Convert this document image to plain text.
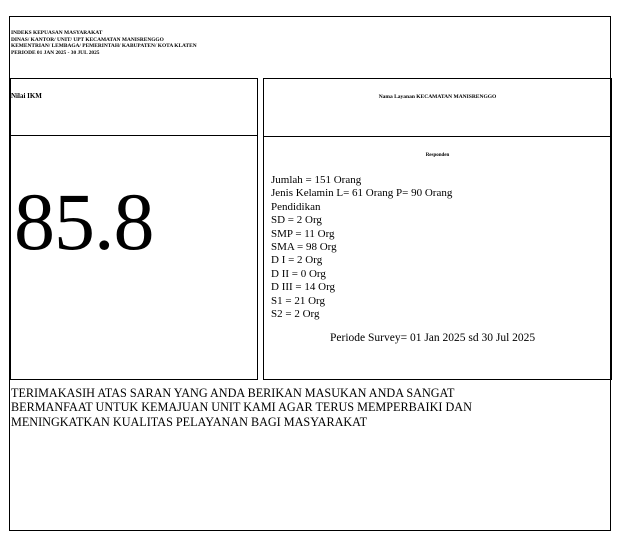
INDEKS KEPUASAN MASYARAKAT
DINAS/ KANTOR/ UNIT/ UPT KECAMATAN MANISRENGGO
KEMENTRIAN/ LEMBAGA/ PEMERINTAH/ KABUPATEN/ KOTA KLATEN
PERIODE 01 JAN 2025 - 30 JUL 2025
Nilai IKM
85.8
Nama Layanan KECAMATAN MANISRENGGO
Responden
Jumlah = 151 Orang
Jenis Kelamin L= 61 Orang P= 90 Orang
Pendidikan
SD = 2 Org
SMP = 11 Org
SMA = 98 Org
D I = 2 Org
D II = 0 Org
D III = 14 Org
S1 = 21 Org
S2 = 2 Org
Periode Survey= 01 Jan 2025 sd 30 Jul 2025
TERIMAKASIH ATAS SARAN YANG ANDA BERIKAN MASUKAN ANDA SANGAT
BERMANFAAT UNTUK KEMAJUAN UNIT KAMI AGAR TERUS MEMPERBAIKI DAN
MENINGKATKAN KUALITAS PELAYANAN BAGI MASYARAKAT
